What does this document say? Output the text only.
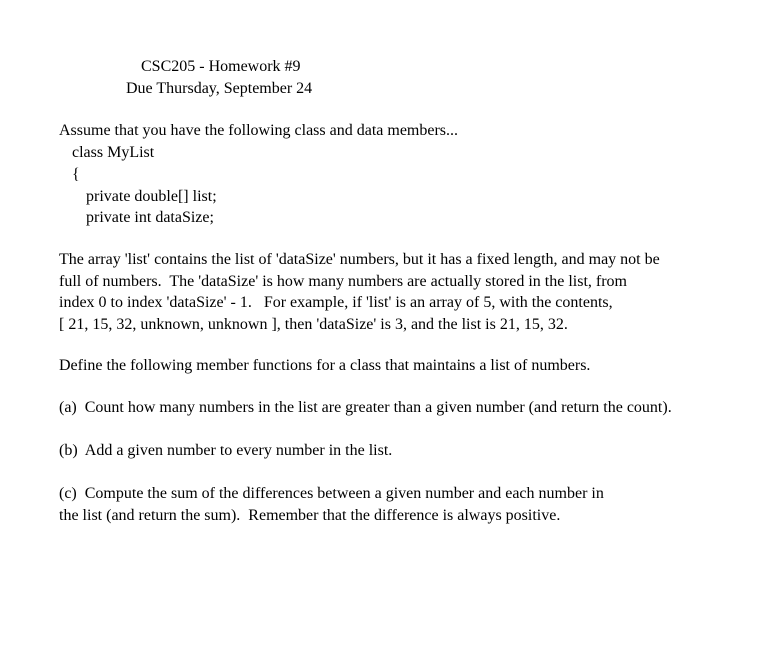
CSC205 - Homework #9
Due Thursday, September 24
Assume that you have the following class and data members...
class MyList
{
private double[] list;
private int dataSize;
The array 'list' contains the list of 'dataSize' numbers, but it has a fixed length, and may not be
full of numbers.  The 'dataSize' is how many numbers are actually stored in the list, from
index 0 to index 'dataSize' - 1.   For example, if 'list' is an array of 5, with the contents,
[ 21, 15, 32, unknown, unknown ], then 'dataSize' is 3, and the list is 21, 15, 32.
Define the following member functions for a class that maintains a list of numbers.
(a)  Count how many numbers in the list are greater than a given number (and return the count).
(b)  Add a given number to every number in the list.
(c)  Compute the sum of the differences between a given number and each number in
the list (and return the sum).  Remember that the difference is always positive.
